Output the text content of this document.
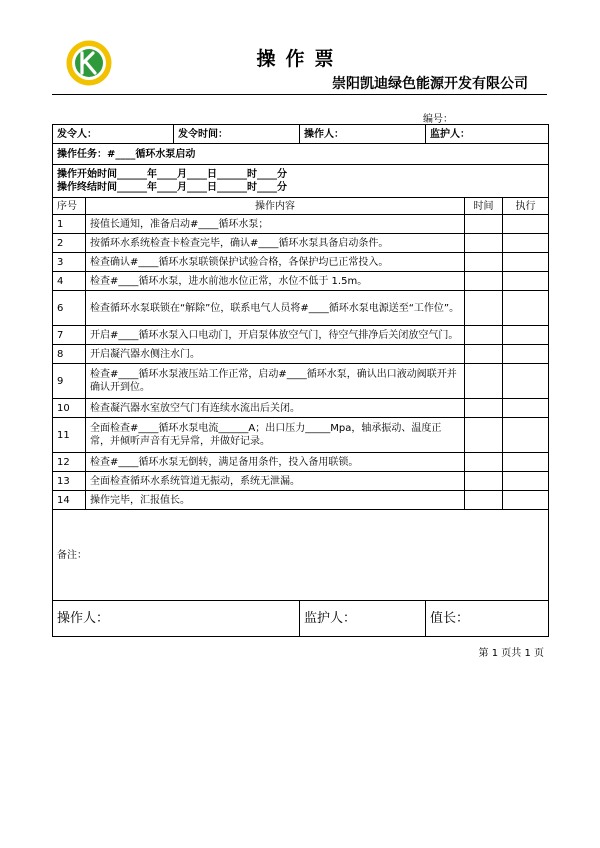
操作票
崇阳凯迪绿色能源开发有限公司
编号：
发令人：		发令时间：	操作人：	监护人：		
操作任务：#____循环水泵启动						

操作开始时间______年____月____日______时____分
操作终结时间______年____月____日______时____分						

序号	操作内容				时间	执行
1	接值长通知，准备启动#____循环水泵；					
2	按循环水系统检查卡检查完毕，确认#____循环水泵具备启动条件。					
3	检查确认#____循环水泵联锁保护试验合格，各保护均已正常投入。					
4	检查#____循环水泵，进水前池水位正常，水位不低于 1.5m。					
6	检查循环水泵联锁在“解除”位，联系电气人员将#____循环水泵电源送至“工作位”。					
7	开启#____循环水泵入口电动门，开启泵体放空气门，待空气排净后关闭放空气门。					
8	开启凝汽器水侧注水门。					
9	检查#____循环水泵液压站工作正常，启动#____循环水泵，确认出口液动阀联开并确认开到位。					
10	检查凝汽器水室放空气门有连续水流出后关闭。					
11	全面检查#____循环水泵电流______A；出口压力_____Mpa，轴承振动、温度正常，并倾听声音有无异常，并做好记录。					
12	检查#____循环水泵无倒转，满足备用条件，投入备用联锁。					
13	全面检查循环水系统管道无振动，系统无泄漏。					
14	操作完毕，汇报值长。					
备注：						
操作人：			监护人：	值长：		
第 1 页共 1 页
